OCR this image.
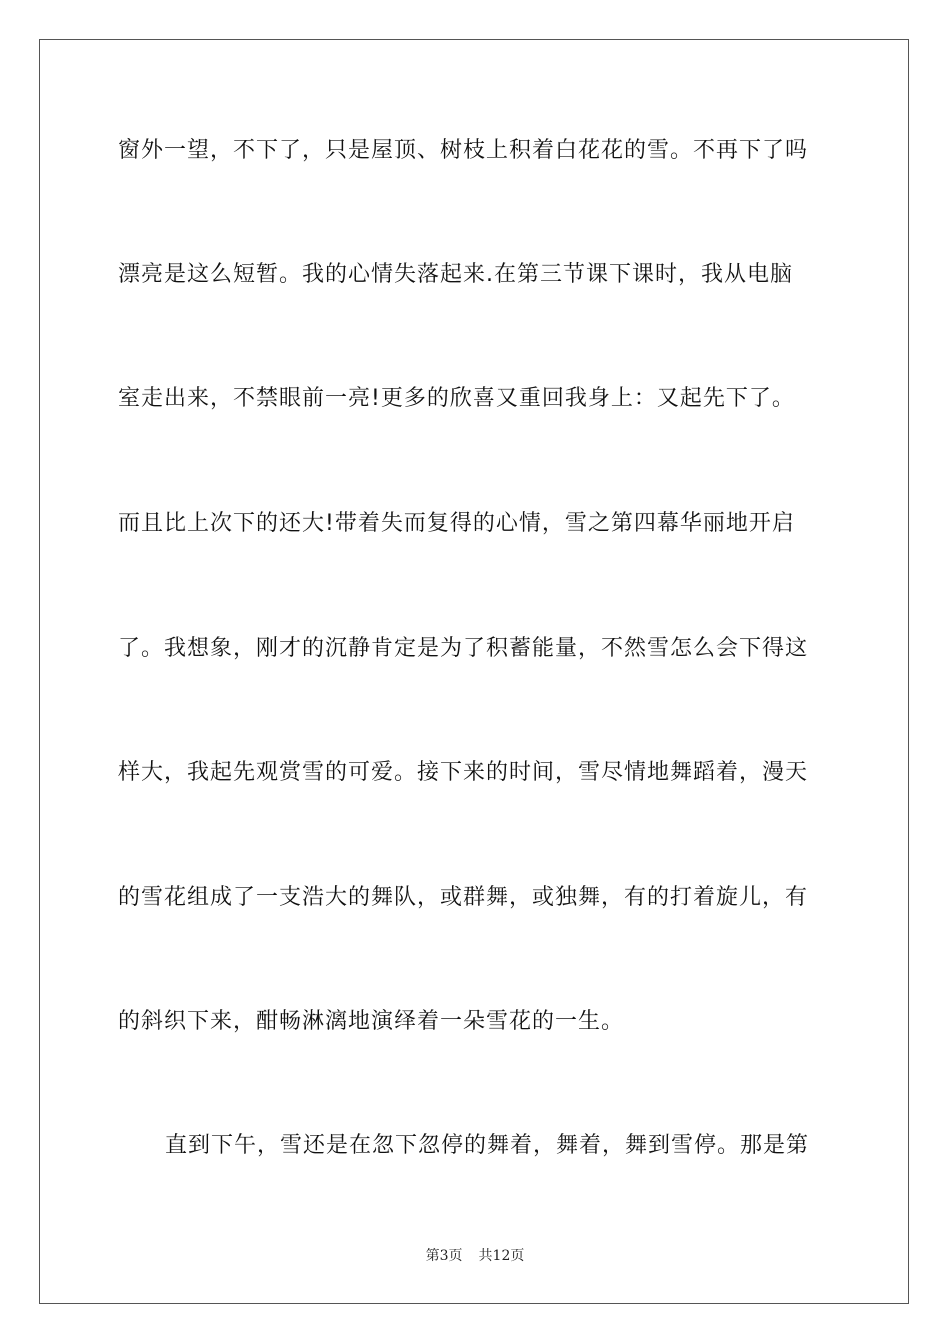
窗外一望，不下了，只是屋顶、树枝上积着白花花的雪。不再下了吗
漂亮是这么短暂。我的心情失落起来.在第三节课下课时，我从电脑
室走出来，不禁眼前一亮!更多的欣喜又重回我身上：又起先下了。
而且比上次下的还大!带着失而复得的心情，雪之第四幕华丽地开启
了。我想象，刚才的沉静肯定是为了积蓄能量，不然雪怎么会下得这
样大，我起先观赏雪的可爱。接下来的时间，雪尽情地舞蹈着，漫天
的雪花组成了一支浩大的舞队，或群舞，或独舞，有的打着旋儿，有
的斜织下来，酣畅淋漓地演绎着一朵雪花的一生。
直到下午，雪还是在忽下忽停的舞着，舞着，舞到雪停。那是第
第3页 共12页
